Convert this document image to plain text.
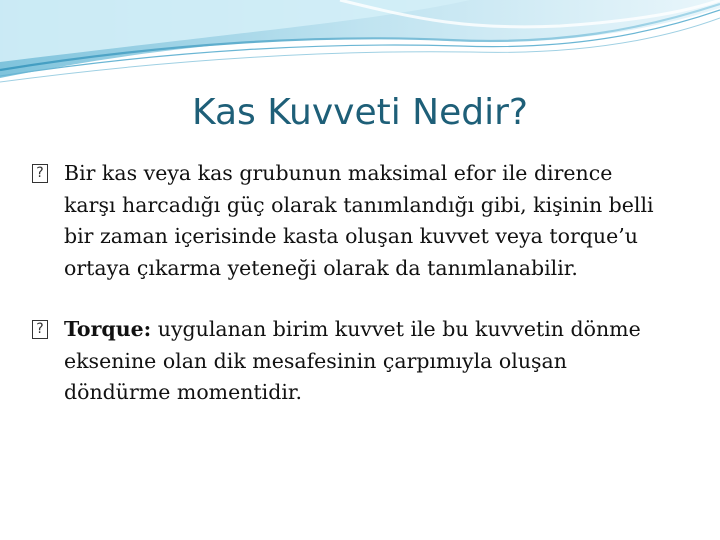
Kas Kuvveti Nedir?

? Bir kas veya kas grubunun maksimal efor ile dirence karşı harcadığı güç olarak tanımlandığı gibi, kişinin belli bir zaman içerisinde kasta oluşan kuvvet veya torque’u ortaya çıkarma yeteneği olarak da tanımlanabilir.

? Torque: uygulanan birim kuvvet ile bu kuvvetin dönme eksenine olan dik mesafesinin çarpımıyla oluşan döndürme momentidir.
